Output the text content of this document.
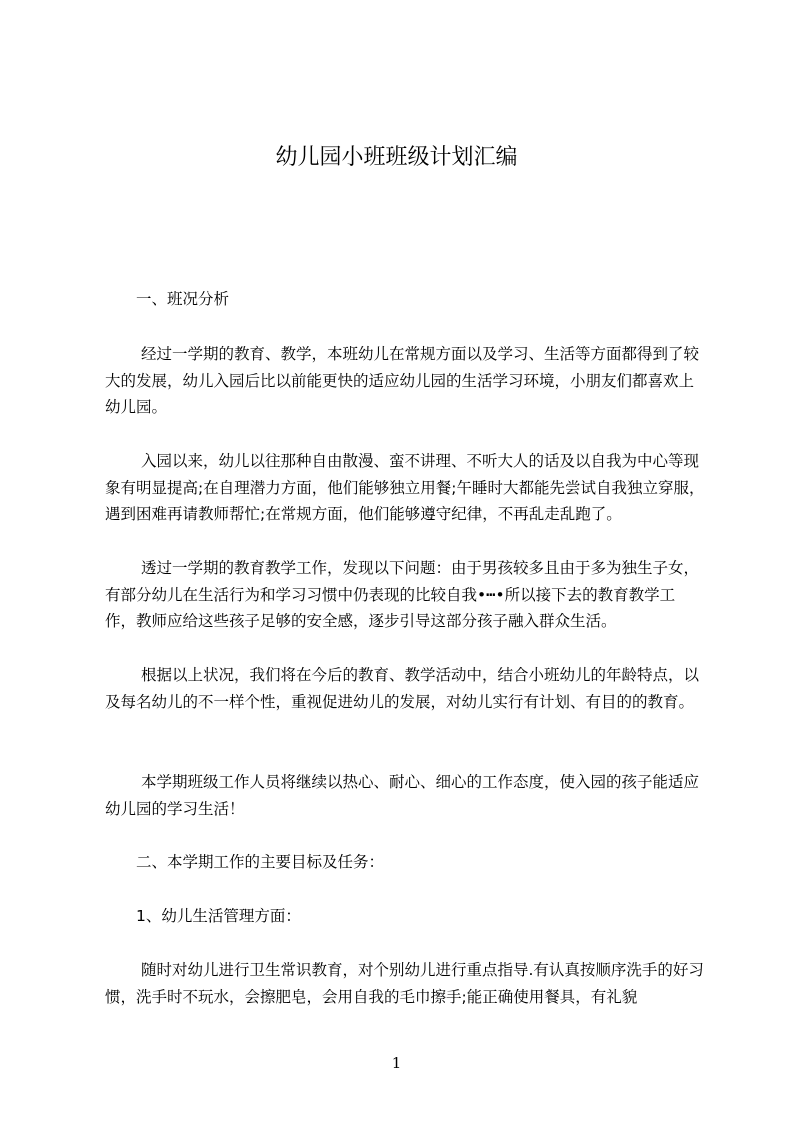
幼儿园小班班级计划汇编

一、班况分析

经过一学期的教育、教学，本班幼儿在常规方面以及学习、生活等方面都得到了较大的发展，幼儿入园后比以前能更快的适应幼儿园的生活学习环境，小朋友们都喜欢上幼儿园。

入园以来，幼儿以往那种自由散漫、蛮不讲理、不听大人的话及以自我为中心等现象有明显提高;在自理潜力方面，他们能够独立用餐;午睡时大都能先尝试自我独立穿服，遇到困难再请教师帮忙;在常规方面，他们能够遵守纪律，不再乱走乱跑了。

透过一学期的教育教学工作，发现以下问题：由于男孩较多且由于多为独生子女，有部分幼儿在生活行为和学习习惯中仍表现的比较自我•┅•所以接下去的教育教学工作，教师应给这些孩子足够的安全感，逐步引导这部分孩子融入群众生活。

根据以上状况，我们将在今后的教育、教学活动中，结合小班幼儿的年龄特点，以及每名幼儿的不一样个性，重视促进幼儿的发展，对幼儿实行有计划、有目的的教育。

本学期班级工作人员将继续以热心、耐心、细心的工作态度，使入园的孩子能适应幼儿园的学习生活！

二、本学期工作的主要目标及任务：

1、幼儿生活管理方面：

随时对幼儿进行卫生常识教育，对个别幼儿进行重点指导.有认真按顺序洗手的好习惯，洗手时不玩水，会擦肥皂，会用自我的毛巾擦手;能正确使用餐具，有礼貌

1
